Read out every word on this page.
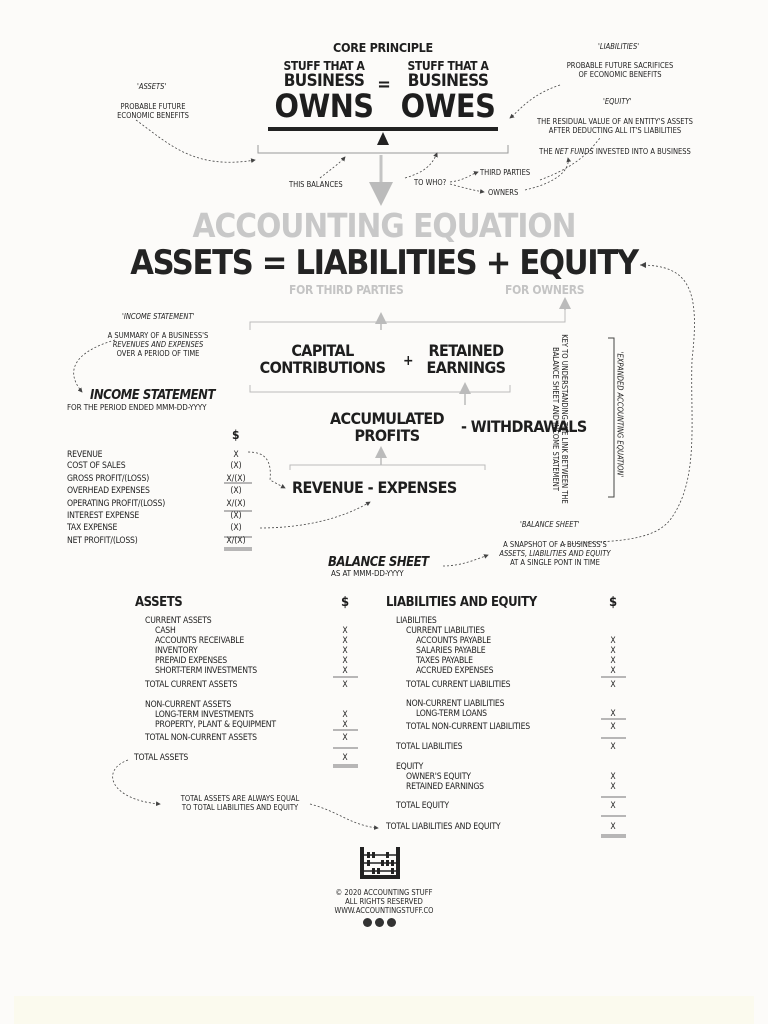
CORE PRINCIPLE
STUFF THAT A
BUSINESS
OWNS
=
STUFF THAT A
BUSINESS
OWES
THIS BALANCES	TO WHO?
THIRD PARTIES
OWNERS
'ASSETS'
PROBABLE FUTURE
ECONOMIC BENEFITS
'LIABILITIES'
PROBABLE FUTURE SACRIFICES
OF ECONOMIC BENEFITS
'EQUITY'
THE RESIDUAL VALUE OF AN ENTITY'S ASSETS
AFTER DEDUCTING ALL IT'S LIABILITIES
THE NET FUNDS INVESTED INTO A BUSINESS
ACCOUNTING EQUATION
ASSETS = LIABILITIES + EQUITY
FOR THIRD PARTIES	FOR OWNERS
CAPITAL
CONTRIBUTIONS	+
RETAINED
EARNINGS
ACCUMULATED
PROFITS	- WITHDRAWALS
REVENUE - EXPENSES
'EXPANDED ACCOUNTING EQUATION'
KEY TO UNDERSTANDING THE LINK BETWEEN THE
BALANCE SHEET AND INCOME STATEMENT
'INCOME STATEMENT'
A SUMMARY OF A BUSINESS'S
REVENUES AND EXPENSES
OVER A PERIOD OF TIME
INCOME STATEMENT
FOR THE PERIOD ENDED MMM-DD-YYYY
$
REVENUE	X
COST OF SALES	(X)
GROSS PROFIT/(LOSS)	X/(X)
OVERHEAD EXPENSES	(X)
OPERATING PROFIT/(LOSS)	X/(X)
INTEREST EXPENSE	(X)
TAX EXPENSE	(X)
NET PROFIT/(LOSS)	X/(X)
'BALANCE SHEET'
A SNAPSHOT OF A BUSINESS'S
ASSETS, LIABILITIES AND EQUITY
AT A SINGLE PONT IN TIME
BALANCE SHEET
AS AT MMM-DD-YYYY
ASSETS	$	LIABILITIES AND EQUITY	$
CURRENT ASSETS
CASH	X
ACCOUNTS RECEIVABLE	X
INVENTORY	X
PREPAID EXPENSES	X
SHORT-TERM INVESTMENTS	X
TOTAL CURRENT ASSETS	X
NON-CURRENT ASSETS
LONG-TERM INVESTMENTS	X
PROPERTY, PLANT & EQUIPMENT	X
TOTAL NON-CURRENT ASSETS	X
TOTAL ASSETS	X
LIABILITIES
CURRENT LIABILITIES
ACCOUNTS PAYABLE	X
SALARIES PAYABLE	X
TAXES PAYABLE	X
ACCRUED EXPENSES	X
TOTAL CURRENT LIABILITIES	X
NON-CURRENT LIABILITIES
LONG-TERM LOANS	X
TOTAL NON-CURRENT LIABILITIES	X
TOTAL LIABILITIES	X
EQUITY
OWNER'S EQUITY	X
RETAINED EARNINGS	X
TOTAL EQUITY	X
TOTAL LIABILITIES AND EQUITY	X
TOTAL ASSETS ARE ALWAYS EQUAL
TO TOTAL LIABILITIES AND EQUITY
© 2020 ACCOUNTING STUFF
ALL RIGHTS RESERVED
WWW.ACCOUNTINGSTUFF.CO
